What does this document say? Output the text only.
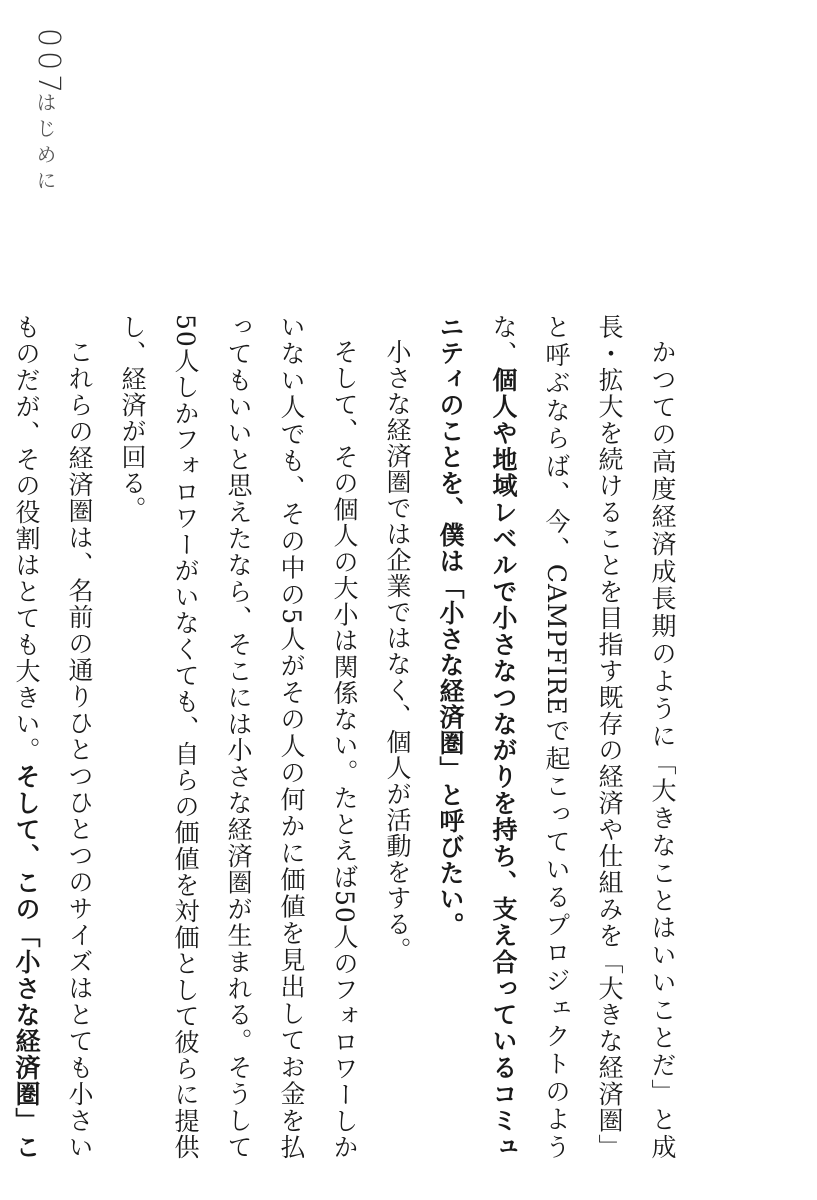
007
はじめに

かつての高度経済成長期のように「大きなことはいいことだ」と成長・拡大を続けることを目指す既存の経済や仕組みを「大きな経済圏」と呼ぶならば、今、CAMPFIREで起こっているプロジェクトのような、個人や地域レベルで小さなつながりを持ち、支え合っているコミュニティのことを、僕は「小さな経済圏」と呼びたい。

小さな経済圏では企業ではなく、個人が活動をする。

そして、その個人の大小は関係ない。たとえば50人のフォロワーしかいない人でも、その中の5人がその人の何かに価値を見出してお金を払ってもいいと思えたなら、そこには小さな経済圏が生まれる。そうして50人しかフォロワーがいなくても、自らの価値を対価として彼らに提供し、経済が回る。

これらの経済圏は、名前の通りひとつひとつのサイズはとても小さいものだが、その役割はとても大きい。そして、この「小さな経済圏」こ
